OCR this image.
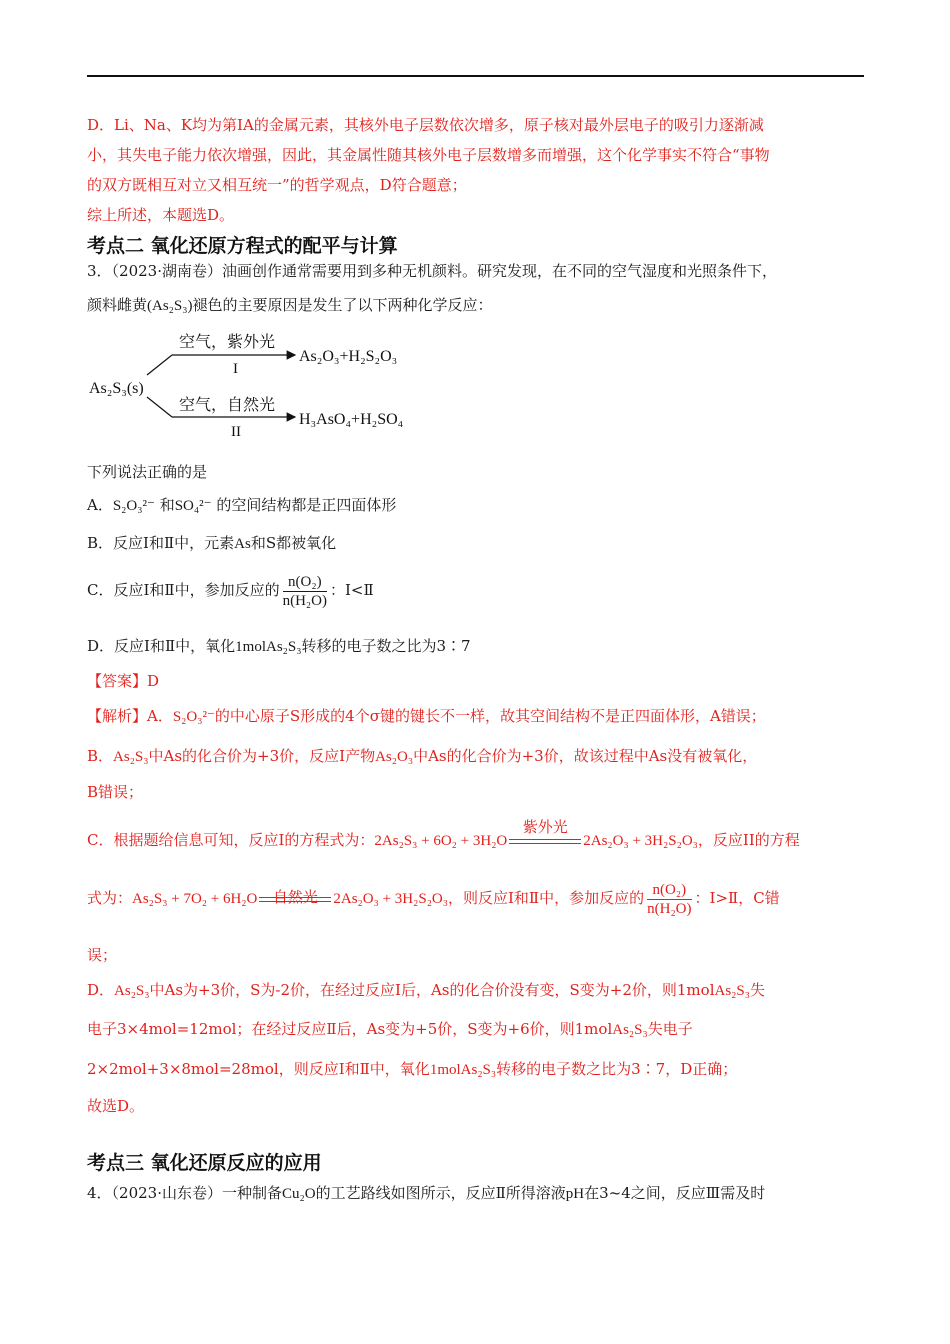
D．Li、Na、K均为第ⅠA的金属元素，其核外电子层数依次增多，原子核对最外层电子的吸引力逐渐减
小，其失电子能力依次增强，因此，其金属性随其核外电子层数增多而增强，这个化学事实不符合“事物
的双方既相互对立又相互统一”的哲学观点，D符合题意；
综上所述，本题选D。
考点二 氧化还原方程式的配平与计算
3．（2023·湖南卷）油画创作通常需要用到多种无机颜料。研究发现，在不同的空气湿度和光照条件下，
颜料雌黄(As₂S₃)褪色的主要原因是发生了以下两种化学反应：
As₂S₃(s)
空气，紫外光
I
As₂O₃+H₂S₂O₃
空气，自然光
II
H₃AsO₄+H₂SO₄
下列说法正确的是
A．S₂O₃²⁻ 和SO₄²⁻ 的空间结构都是正四面体形
B．反应Ⅰ和Ⅱ中，元素As和S都被氧化
C．反应Ⅰ和Ⅱ中，参加反应的 $\frac{\text{n(O₂)}}{\text{n(H₂O)}}$ ：Ⅰ<Ⅱ
D．反应Ⅰ和Ⅱ中，氧化1molAs₂S₃转移的电子数之比为3∶7
【答案】D
【解析】A．S₂O₃²⁻的中心原子S形成的4个σ键的键长不一样，故其空间结构不是正四面体形，A错误；
B．As₂S₃中As的化合价为+3价，反应Ⅰ产物As₂O₃中As的化合价为+3价，故该过程中As没有被氧化，
B错误；
C．根据题给信息可知，反应I的方程式为：2As₂S₃ + 6O₂ + 3H₂O
紫外光
2As₂O₃ + 3H₂S₂O₃，反应II的方程
式为：As₂S₃ + 7O₂ + 6H₂O	自然光	2As₂O₃ + 3H₂S₂O₃，则反应Ⅰ和Ⅱ中，参加反应的 $\frac{\text{n(O₂)}}{\text{n(H₂O)}}$ ：Ⅰ>Ⅱ，C错
误；
D．As₂S₃中As为+3价，S为-2价，在经过反应Ⅰ后，As的化合价没有变，S变为+2价，则1molAs₂S₃失
电子3×4mol=12mol；在经过反应Ⅱ后，As变为+5价，S变为+6价，则1molAs₂S₃失电子
2×2mol+3×8mol=28mol，则反应Ⅰ和Ⅱ中，氧化1molAs₂S₃转移的电子数之比为3∶7，D正确；
故选D。
考点三 氧化还原反应的应用
4．（2023·山东卷）一种制备Cu₂O的工艺路线如图所示，反应Ⅱ所得溶液pH在3~4之间，反应Ⅲ需及时
